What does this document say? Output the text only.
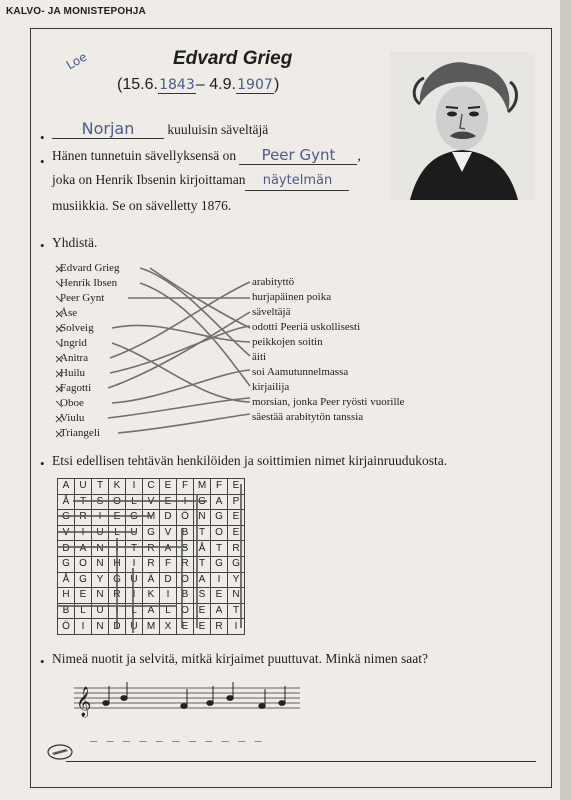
KALVO- JA MONISTEPOHJA
Loe	Edvard Grieg
(15.6.1843– 4.9.1907)
•	Norjan kuuluisin säveltäjä
• Hänen tunnetuin sävellyksensä on Peer Gynt ,
joka on Henrik Ibsenin kirjoittamannäytelmän
musiikkia. Se on sävelletty 1876.
• Yhdistä.
Edvard Grieg
Henrik Ibsen
Peer Gynt
Åse
Solveig
Ingrid
Anitra
Huilu
Fagotti
Oboe
Viulu
Triangeli
arabityttö
hurjapäinen poika
säveltäjä
odotti Peeriä uskollisesti
peikkojen soitin
äiti
soi Aamutunnelmassa
kirjailija
morsian, jonka Peer ryösti vuorille
säestää arabitytön tanssia
• Etsi edellisen tehtävän henkilöiden ja soittimien nimet kirjainruudukosta.
A	U	T	K	I	C	E	F	M	F	E
Å	T	S	O	L	V	E	I	G	A	P
G	R	I	E	G	M	D	Ö	N	G	E
V	I	U	L	U	G	V	B	T	O	E
D	A	N	I	T	R	A	S	Å	T	R
G	O	N	H	I	R	F	R	T	G	G
Å	G	Y	G	U	Ä	D	O	A	I	Y
H	E	N	R	I	K	I	B	S	E	N
B	L	U	I	L	A	L	O	E	A	T
Ö	I	N	D	U	M	X	E	E	R	I
• Nimeä nuotit ja selvitä, mitkä kirjaimet puuttuvat. Minkä nimen saat?
𝄞
_ _ _ _ _ _ _ _ _ _ _
